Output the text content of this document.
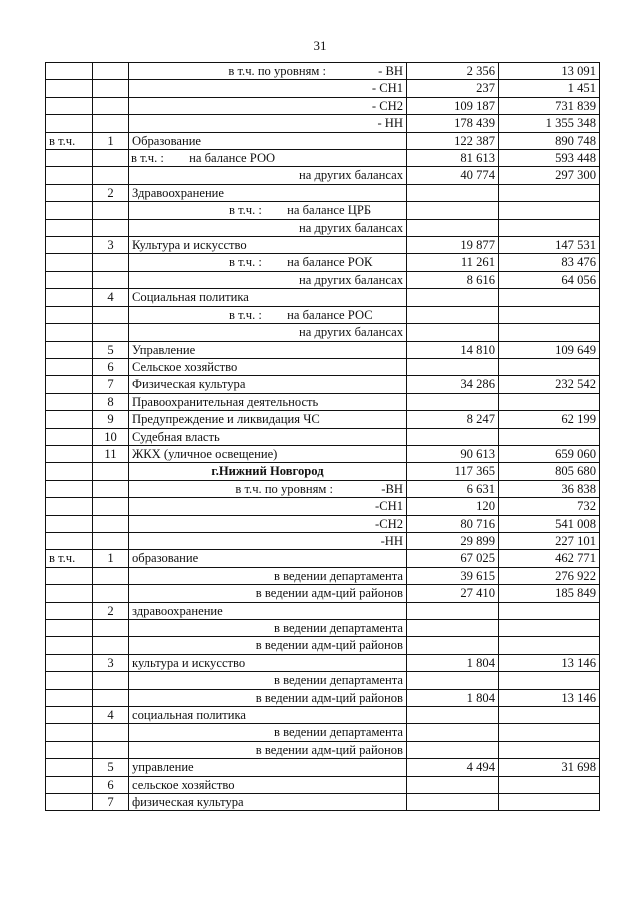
31
		в т.ч. по уровням : - ВН	2 356	13 091
		- СН1	237	1 451
		- СН2	109 187	731 839
		- НН	178 439	1 355 348
в т.ч.	1	Образование	122 387	890 748
		в т.ч. :        на балансе РОО	81 613	593 448
		на других балансах	40 774	297 300
	2	Здравоохранение		
		в т.ч. :        на балансе ЦРБ		
		на других балансах		
	3	Культура и искусство	19 877	147 531
		в т.ч. :        на балансе РОК	11 261	83 476
		на других балансах	8 616	64 056
	4	Социальная политика		
		в т.ч. :        на балансе РОС		
		на других балансах		
	5	Управление	14 810	109 649
	6	Сельское хозяйство		
	7	Физическая культура	34 286	232 542
	8	Правоохранительная деятельность		
	9	Предупреждение и ликвидация ЧС	8 247	62 199
	10	Судебная власть		
	11	ЖКХ (уличное освещение)	90 613	659 060
		г.Нижний Новгород	117 365	805 680
		в т.ч. по уровням : -ВН	6 631	36 838
		-СН1	120	732
		-СН2	80 716	541 008
		-НН	29 899	227 101
в т.ч.	1	образование	67 025	462 771
		в ведении департамента	39 615	276 922
		в ведении адм-ций районов	27 410	185 849
	2	здравоохранение		
		в ведении департамента		
		в ведении адм-ций районов		
	3	культура и искусство	1 804	13 146
		в ведении департамента		
		в ведении адм-ций районов	1 804	13 146
	4	социальная политика		
		в ведении департамента		
		в ведении адм-ций районов		
	5	управление	4 494	31 698
	6	сельское хозяйство		
	7	физическая культура		
